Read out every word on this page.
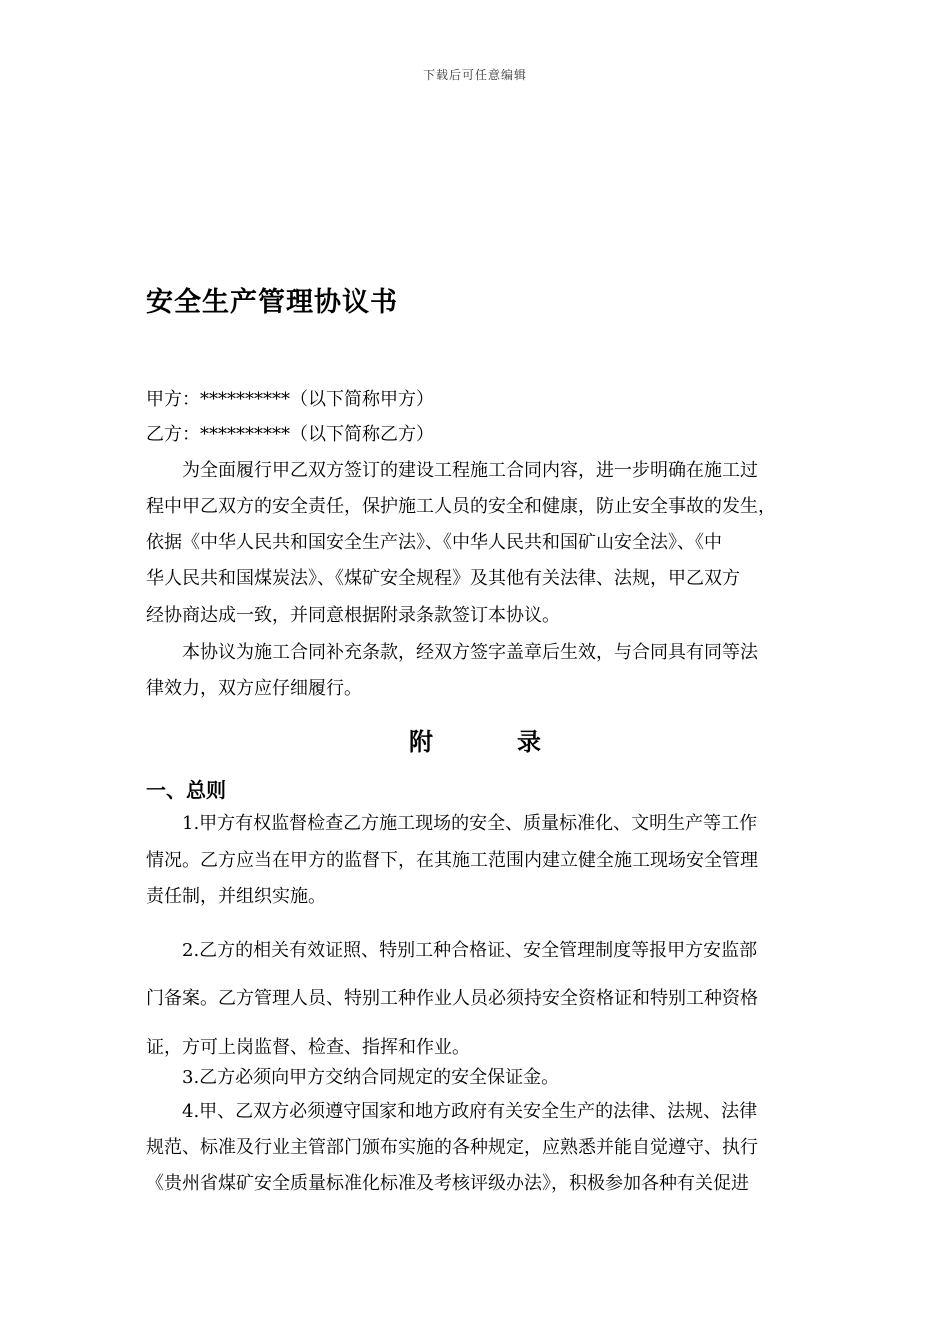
下载后可任意编辑
安全生产管理协议书
甲方：**********（以下简称甲方）
乙方：**********（以下简称乙方）
为全面履行甲乙双方签订的建设工程施工合同内容，进一步明确在施工过
程中甲乙双方的安全责任，保护施工人员的安全和健康，防止安全事故的发生，
依据《中华人民共和国安全生产法》、《中华人民共和国矿山安全法》、《中
华人民共和国煤炭法》、《煤矿安全规程》及其他有关法律、法规，甲乙双方
经协商达成一致，并同意根据附录条款签订本协议。
本协议为施工合同补充条款，经双方签字盖章后生效，与合同具有同等法
律效力，双方应仔细履行。
附	录
一、总则
1.甲方有权监督检查乙方施工现场的安全、质量标准化、文明生产等工作
情况。乙方应当在甲方的监督下，在其施工范围内建立健全施工现场安全管理
责任制，并组织实施。
2.乙方的相关有效证照、特别工种合格证、安全管理制度等报甲方安监部
门备案。乙方管理人员、特别工种作业人员必须持安全资格证和特别工种资格
证，方可上岗监督、检查、指挥和作业。
3.乙方必须向甲方交纳合同规定的安全保证金。
4.甲、乙双方必须遵守国家和地方政府有关安全生产的法律、法规、法律
规范、标准及行业主管部门颁布实施的各种规定，应熟悉并能自觉遵守、执行
《贵州省煤矿安全质量标准化标准及考核评级办法》，积极参加各种有关促进
